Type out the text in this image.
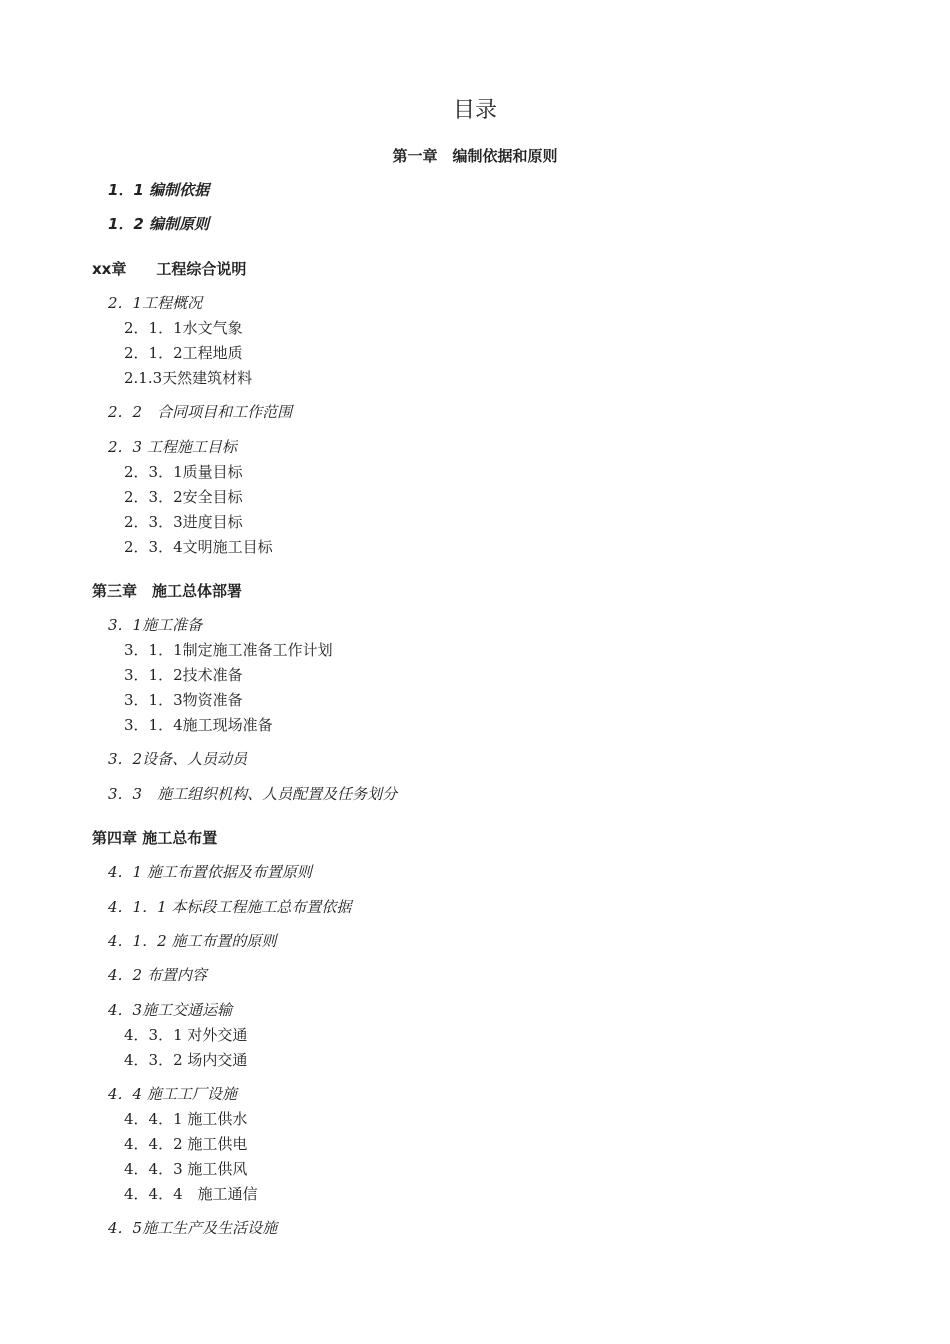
目录
第一章　编制依据和原则
1．1 编制依据
1．2 编制原则
xx章　　工程综合说明
2．1工程概况
2．1．1水文气象
2．1．2工程地质
2.1.3天然建筑材料
2．2　合同项目和工作范围
2．3 工程施工目标
2．3．1质量目标
2．3．2安全目标
2．3．3进度目标
2．3．4文明施工目标
第三章　施工总体部署
3．1施工准备
3．1．1制定施工准备工作计划
3．1．2技术准备
3．1．3物资准备
3．1．4施工现场准备
3．2设备、人员动员
3．3　施工组织机构、人员配置及任务划分
第四章 施工总布置
4．1 施工布置依据及布置原则
4．1．1 本标段工程施工总布置依据
4．1．2 施工布置的原则
4．2 布置内容
4．3施工交通运输
4．3．1 对外交通
4．3．2 场内交通
4．4 施工工厂设施
4．4．1 施工供水
4．4．2 施工供电
4．4．3 施工供风
4．4．4　施工通信
4．5施工生产及生活设施
